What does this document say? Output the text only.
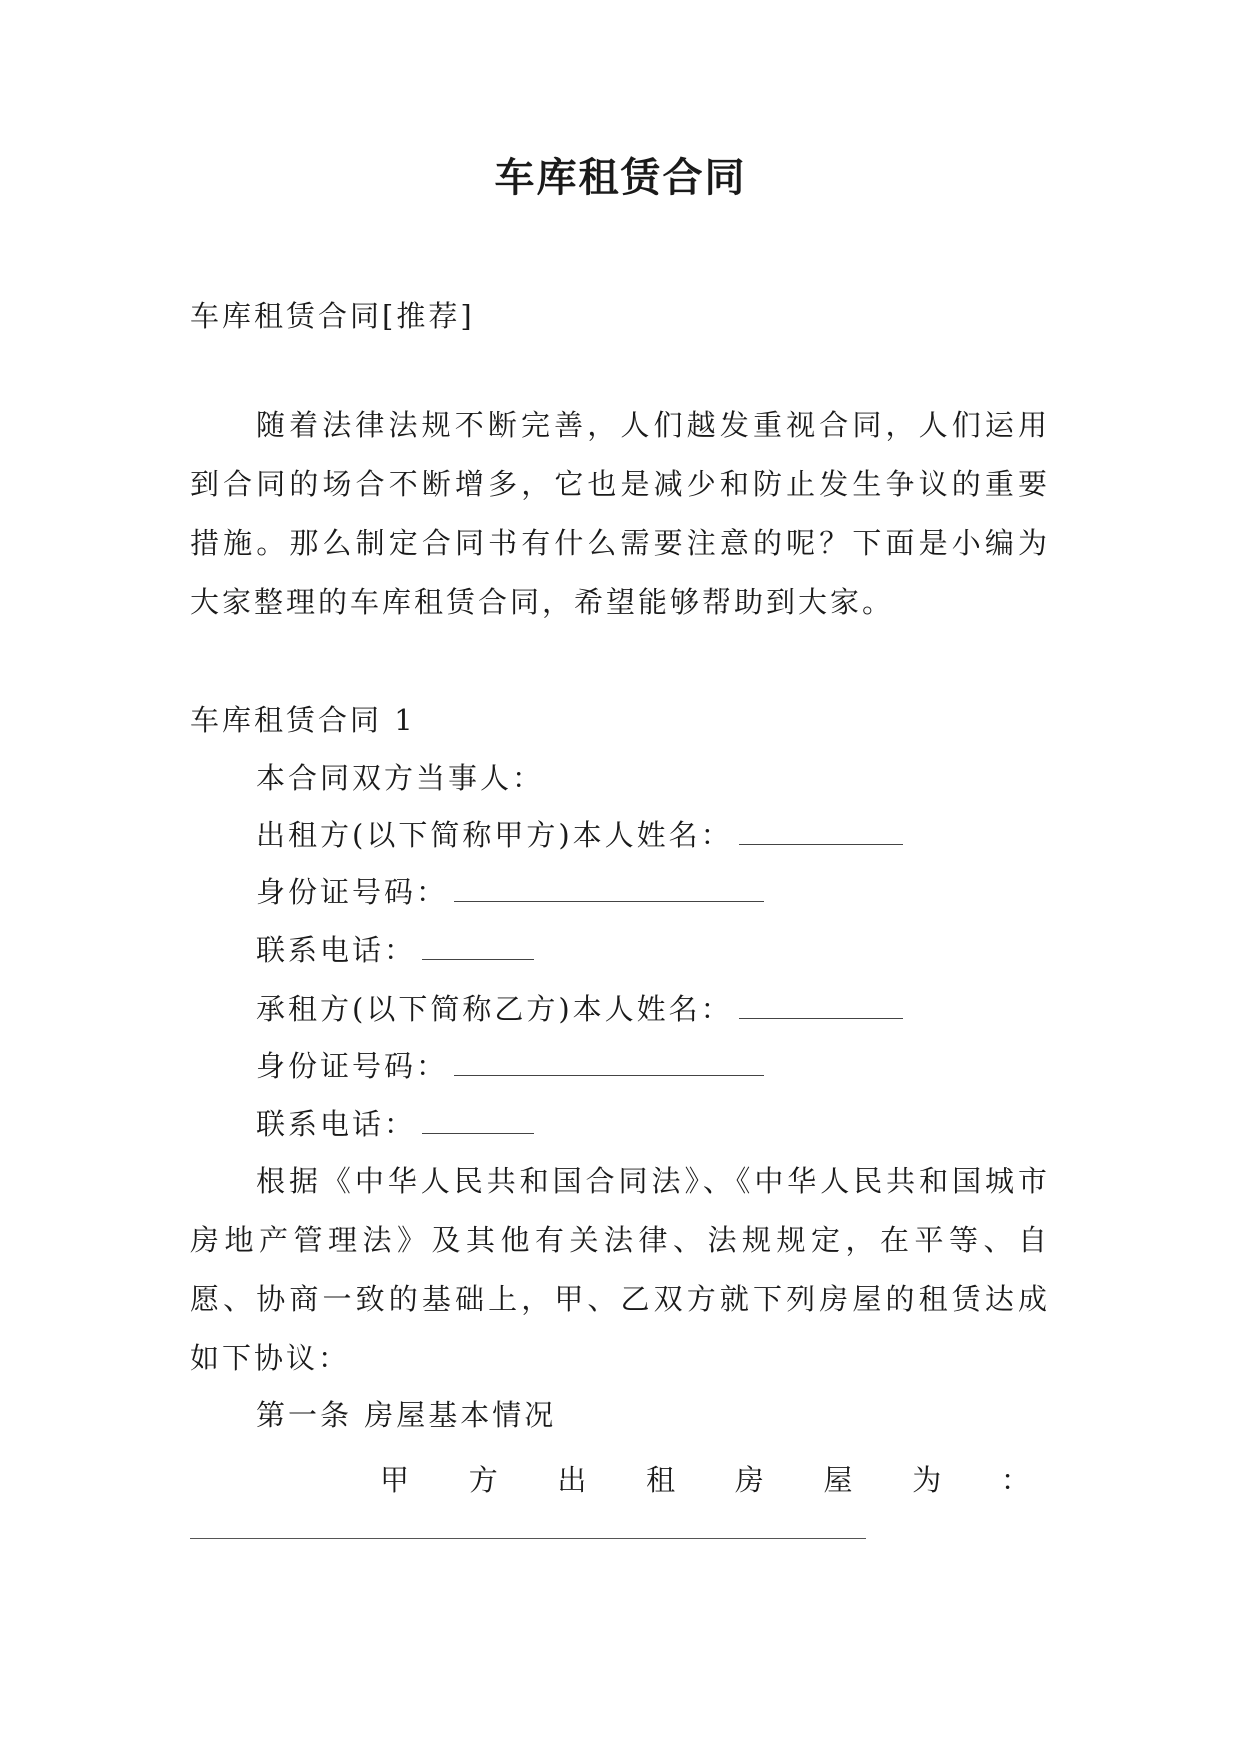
车库租赁合同
车库租赁合同[推荐]
随着法律法规不断完善，人们越发重视合同，人们运用到合同的场合不断增多，它也是减少和防止发生争议的重要措施。那么制定合同书有什么需要注意的呢？下面是小编为大家整理的车库租赁合同，希望能够帮助到大家。
车库租赁合同 1
本合同双方当事人：
出租方(以下简称甲方)本人姓名：
身份证号码：
联系电话：
承租方(以下简称乙方)本人姓名：
身份证号码：
联系电话：
根据《中华人民共和国合同法》、《中华人民共和国城市房地产管理法》及其他有关法律、法规规定，在平等、自愿、协商一致的基础上，甲、乙双方就下列房屋的租赁达成如下协议：
第一条 房屋基本情况
甲 方 出 租 房 屋 为 ：
